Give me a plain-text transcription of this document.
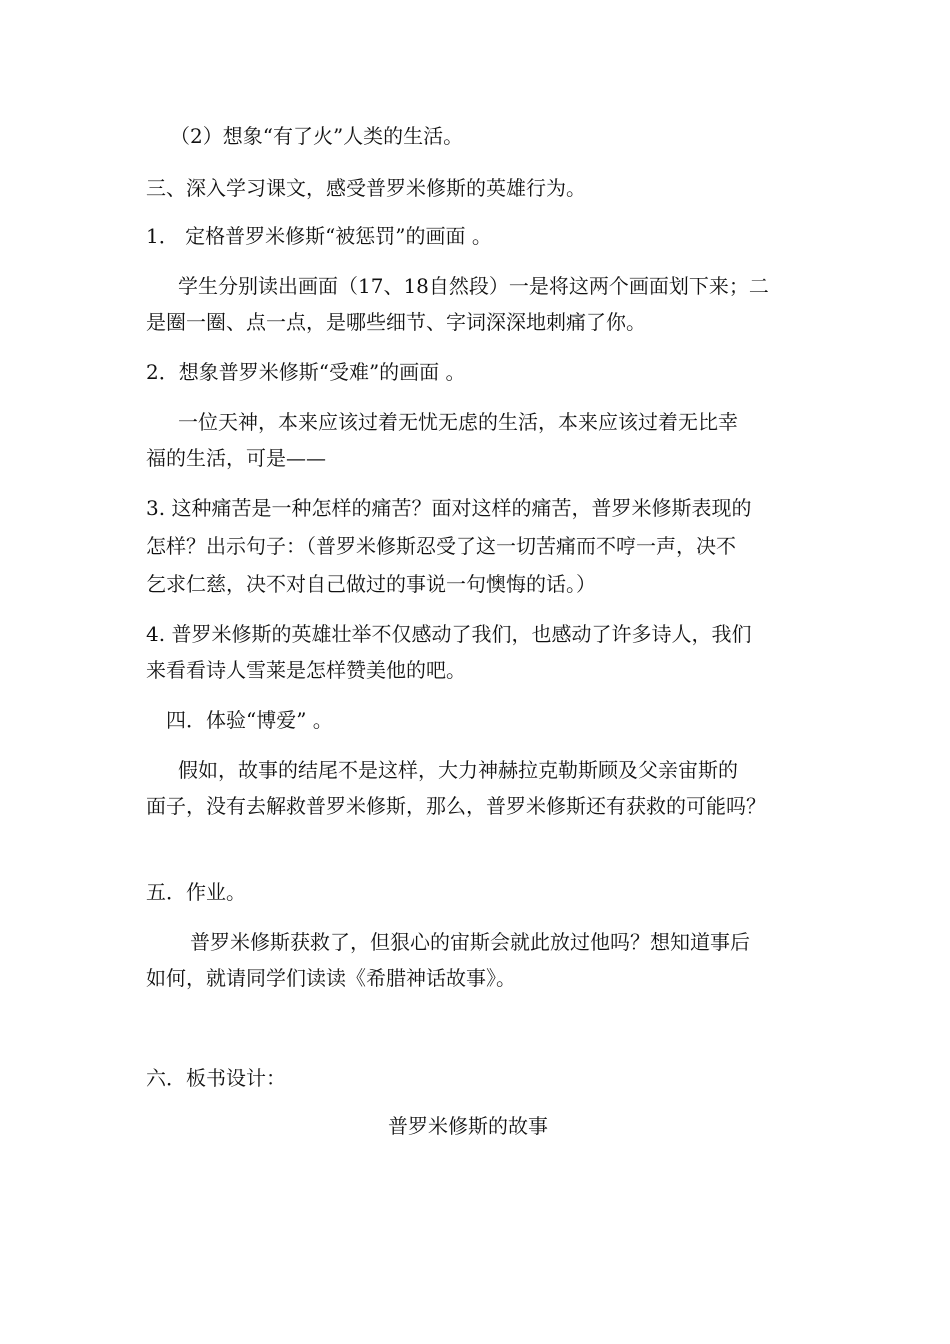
（2）想象“有了火”人类的生活。
三、深入学习课文，感受普罗米修斯的英雄行为。
1． 定格普罗米修斯“被惩罚”的画面 。
学生分别读出画面（17、18自然段）一是将这两个画面划下来；二
是圈一圈、点一点，是哪些细节、字词深深地刺痛了你。
2．想象普罗米修斯“受难”的画面 。
一位天神，本来应该过着无忧无虑的生活，本来应该过着无比幸
福的生活，可是——
3. 这种痛苦是一种怎样的痛苦？面对这样的痛苦，普罗米修斯表现的
怎样？出示句子：（普罗米修斯忍受了这一切苦痛而不哼一声，决不
乞求仁慈，决不对自己做过的事说一句懊悔的话。）
4. 普罗米修斯的英雄壮举不仅感动了我们，也感动了许多诗人，我们
来看看诗人雪莱是怎样赞美他的吧。
四．体验“博爱” 。
假如，故事的结尾不是这样，大力神赫拉克勒斯顾及父亲宙斯的
面子，没有去解救普罗米修斯，那么，普罗米修斯还有获救的可能吗？
五．作业。
普罗米修斯获救了，但狠心的宙斯会就此放过他吗？想知道事后
如何，就请同学们读读《希腊神话故事》。
六．板书设计：
普罗米修斯的故事
